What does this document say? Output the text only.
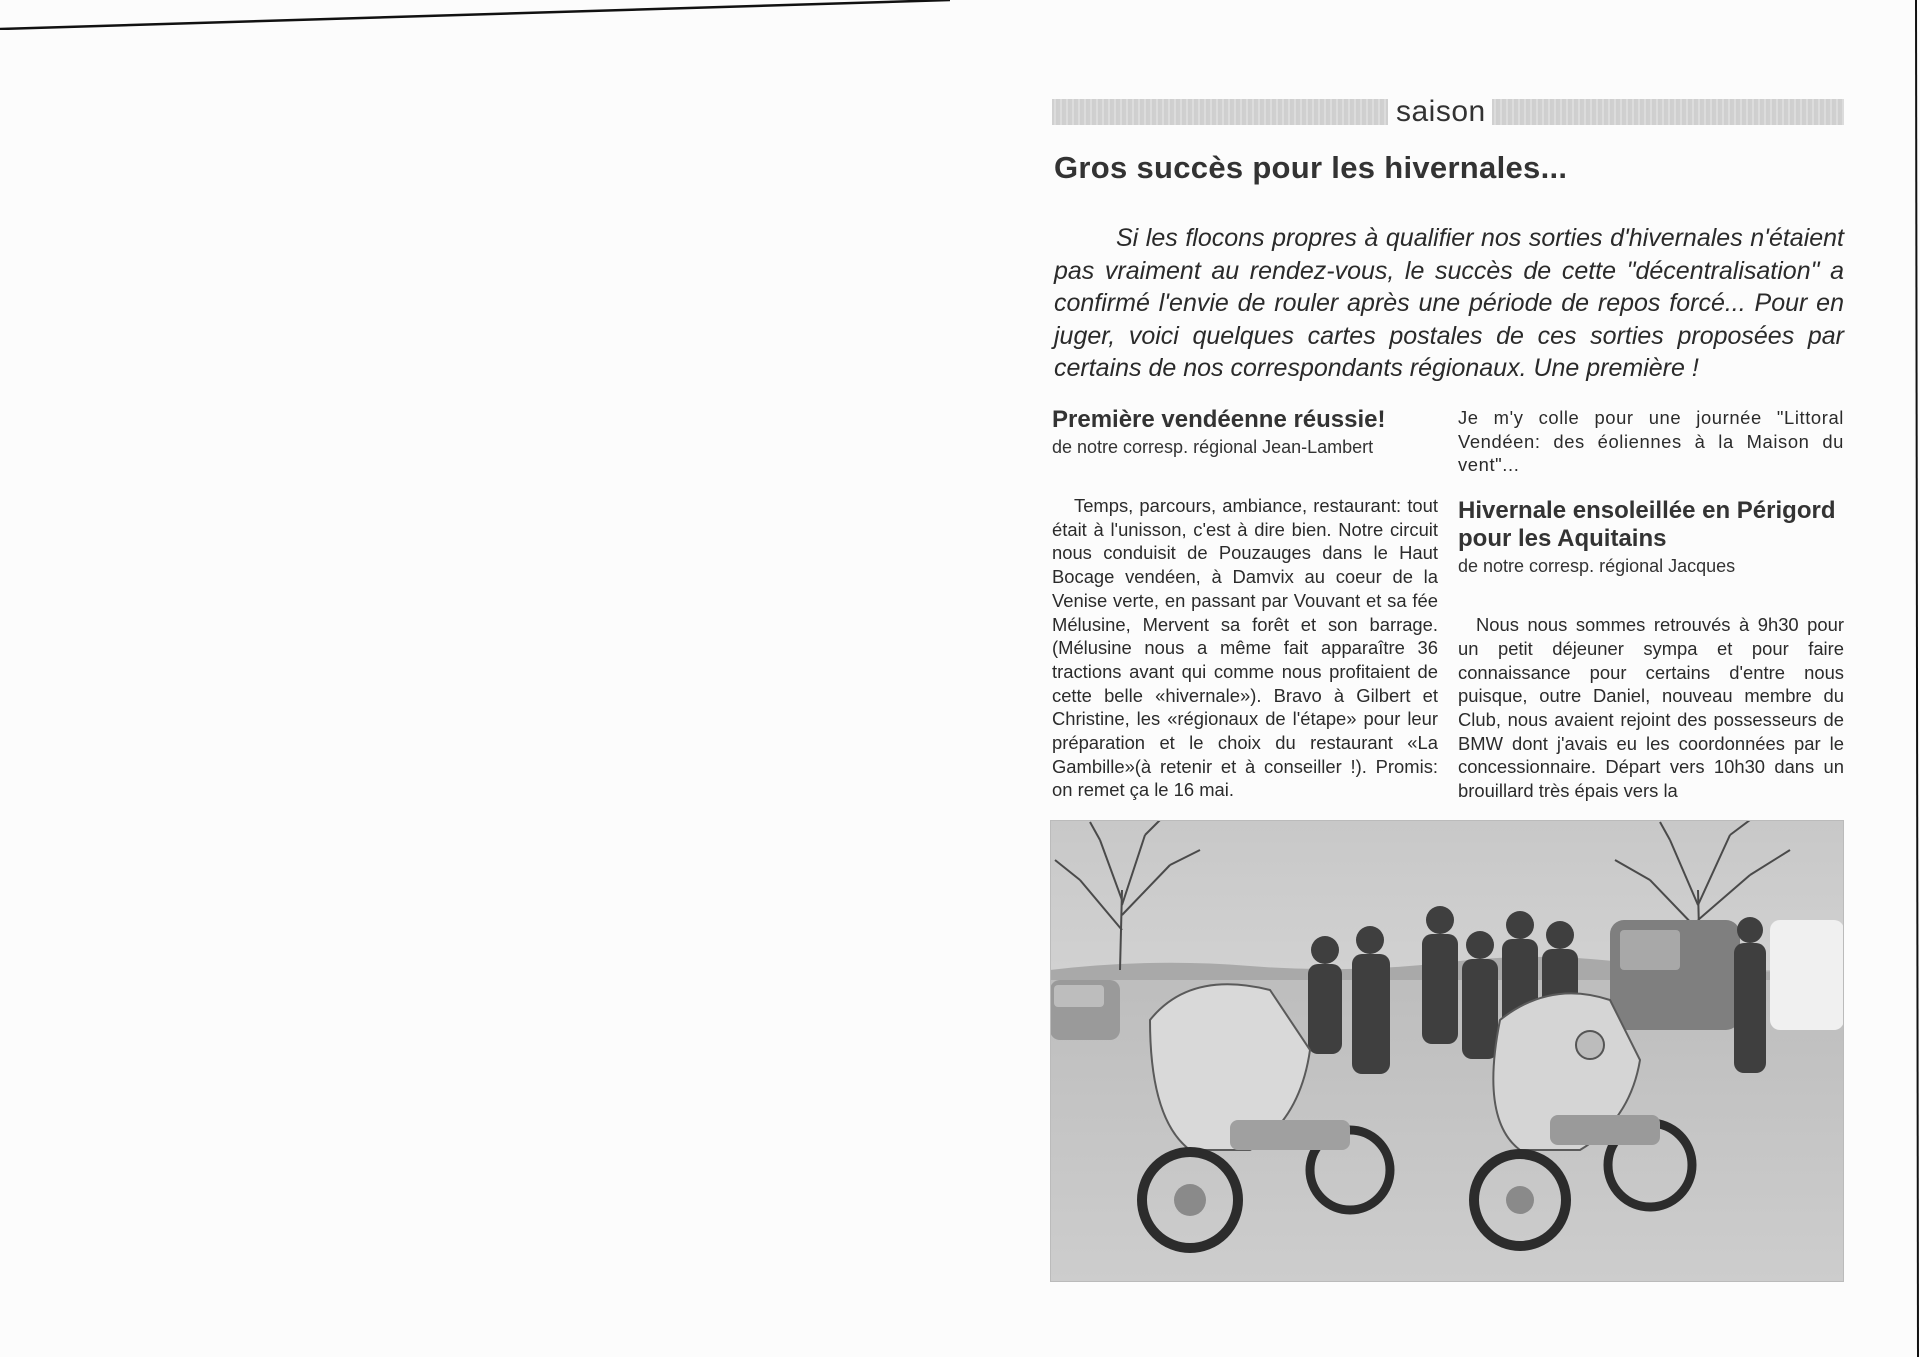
saison
Gros succès pour les hivernales...

Si les flocons propres à qualifier nos sorties d'hivernales n'étaient pas vraiment au rendez-vous, le succès de cette "décentralisation" a confirmé l'envie de rouler après une période de repos forcé... Pour en juger, voici quelques cartes postales de ces sorties proposées par certains de nos correspondants régionaux. Une première !

Première vendéenne réussie!

de notre corresp. régional Jean-Lambert

Temps, parcours, ambiance, restaurant: tout était à l'unisson, c'est à dire bien. Notre circuit nous conduisit de Pouzauges dans le Haut Bocage vendéen, à Damvix au coeur de la Venise verte, en passant par Vouvant et sa fée Mélusine, Mervent sa forêt et son barrage. (Mélusine nous a même fait apparaître 36 tractions avant qui comme nous profitaient de cette belle «hivernale»). Bravo à Gilbert et Christine, les «régionaux de l'étape» pour leur préparation et le choix du restaurant «La Gambille»(à retenir et à conseiller !). Promis: on remet ça le 16 mai.

Je m'y colle pour une journée "Littoral Vendéen: des éoliennes à la Maison du vent"...

Hivernale ensoleillée en Périgord pour les Aquitains

de notre corresp. régional Jacques

Nous nous sommes retrouvés à 9h30 pour un petit déjeuner sympa et pour faire connaissance pour certains d'entre nous puisque, outre Daniel, nouveau membre du Club, nous avaient rejoint des possesseurs de BMW dont j'avais eu les coordonnées par le concessionnaire. Départ vers 10h30 dans un brouillard très épais vers la
